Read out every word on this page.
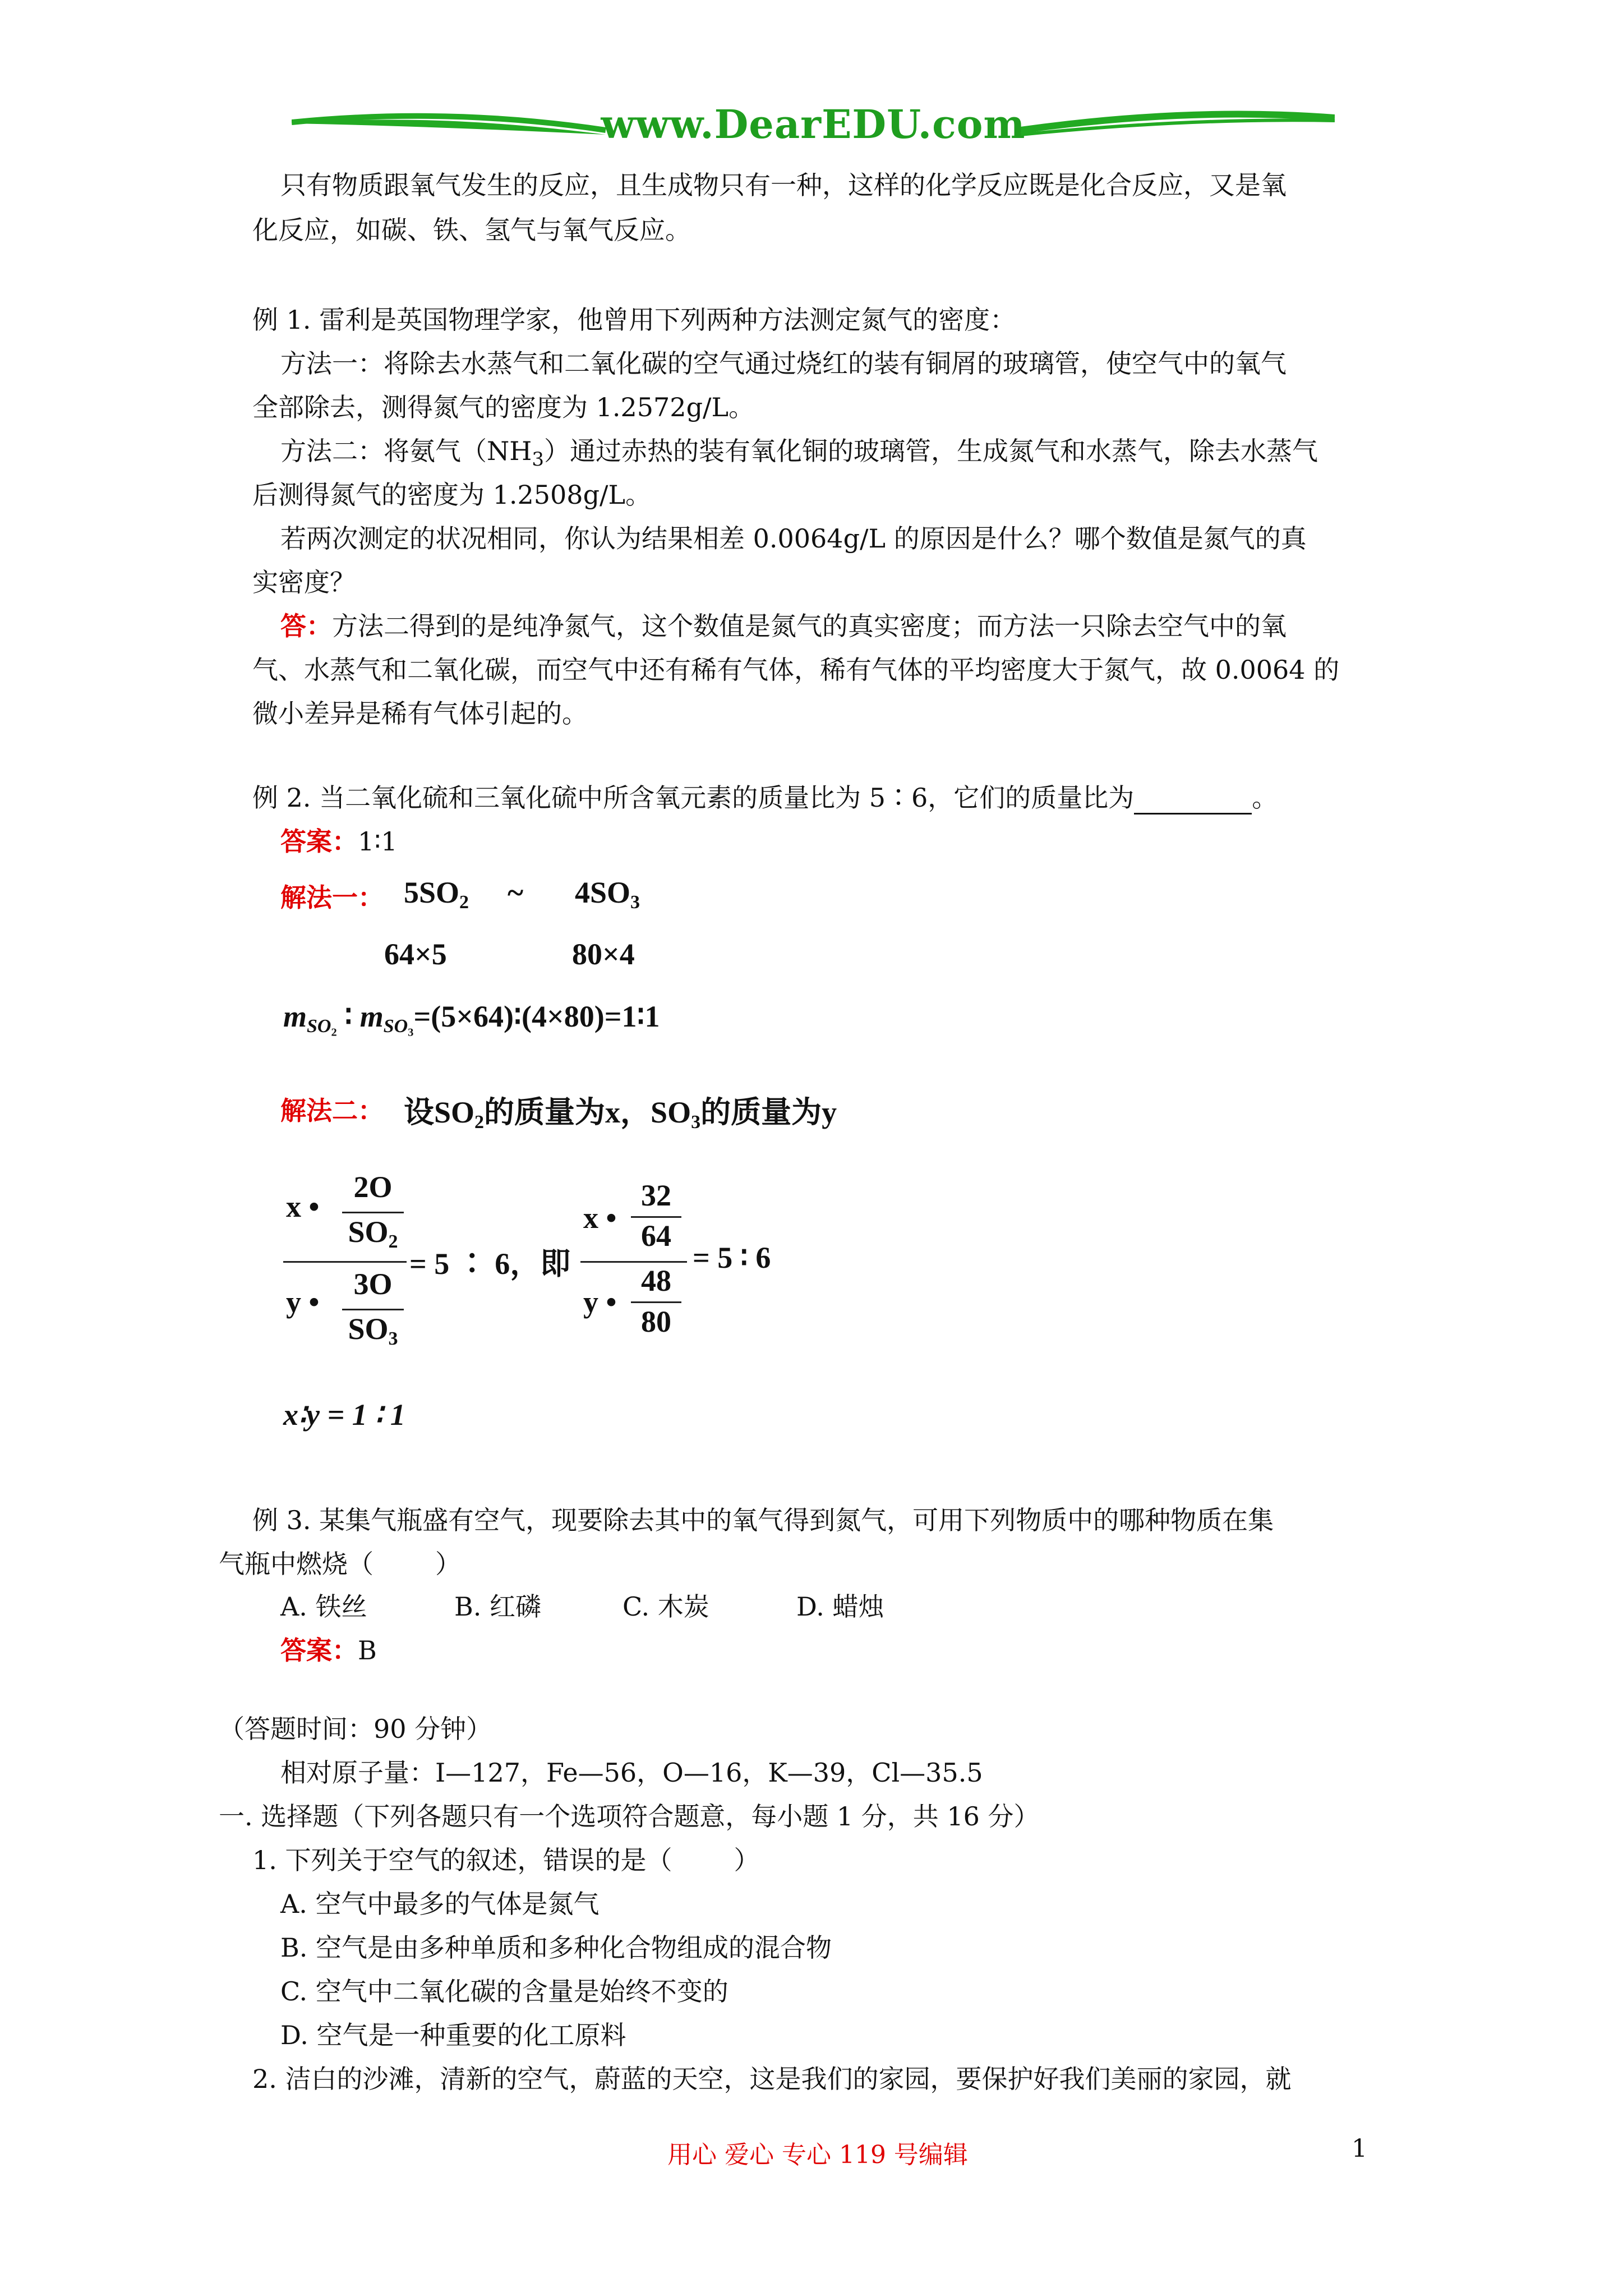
www.DearEDU.com
只有物质跟氧气发生的反应，且生成物只有一种，这样的化学反应既是化合反应，又是氧
化反应，如碳、铁、氢气与氧气反应。
例 1. 雷利是英国物理学家，他曾用下列两种方法测定氮气的密度：
方法一：将除去水蒸气和二氧化碳的空气通过烧红的装有铜屑的玻璃管，使空气中的氧气
全部除去，测得氮气的密度为 1.2572g/L。
方法二：将氨气$(NH_3)$通过赤热的装有氧化铜的玻璃管，生成氮气和水蒸气，除去水蒸气
后测得氮气的密度为 1.2508g/L。
若两次测定的状况相同，你认为结果相差 0.0064g/L 的原因是什么？哪个数值是氮气的真
实密度？
答：方法二得到的是纯净氮气，这个数值是氮气的真实密度；而方法一只除去空气中的氧
气、水蒸气和二氧化碳，而空气中还有稀有气体，稀有气体的平均密度大于氮气，故 0.0064 的
微小差异是稀有气体引起的。
例 2. 当二氧化硫和三氧化硫中所含氧元素的质量比为 5∶6，它们的质量比为	。
答案：1∶1
解法一： $5SO_2$ ~ $4SO_3$
64×5	80×4
$m_{SO_2}$ ∶ $m_{SO_3}=(5\times 64)∶(4\times 80)=1∶1$
解法二： 设$SO_2$的质量为x，$SO_3$的质量为y
x •
2O
$SO_2$
y •
3O
$SO_3$
= 5 ∶ 6，即
x •
32
64
y •
48
80
= 5 ∶ 6
x∶y = 1 ∶ 1
例 3. 某集气瓶盛有空气，现要除去其中的氧气得到氮气，可用下列物质中的哪种物质在集
气瓶中燃烧（ ）
A. 铁丝	B. 红磷	C. 木炭	D. 蜡烛
答案：B
（答题时间：90 分钟）
相对原子量：I—127，Fe—56，O—16，K—39，Cl—35.5
一. 选择题（下列各题只有一个选项符合题意，每小题 1 分，共 16 分）
1. 下列关于空气的叙述，错误的是（ ）
A. 空气中最多的气体是氮气
B. 空气是由多种单质和多种化合物组成的混合物
C. 空气中二氧化碳的含量是始终不变的
D. 空气是一种重要的化工原料
2. 洁白的沙滩，清新的空气，蔚蓝的天空，这是我们的家园，要保护好我们美丽的家园，就
用心 爱心 专心 119 号编辑	1
